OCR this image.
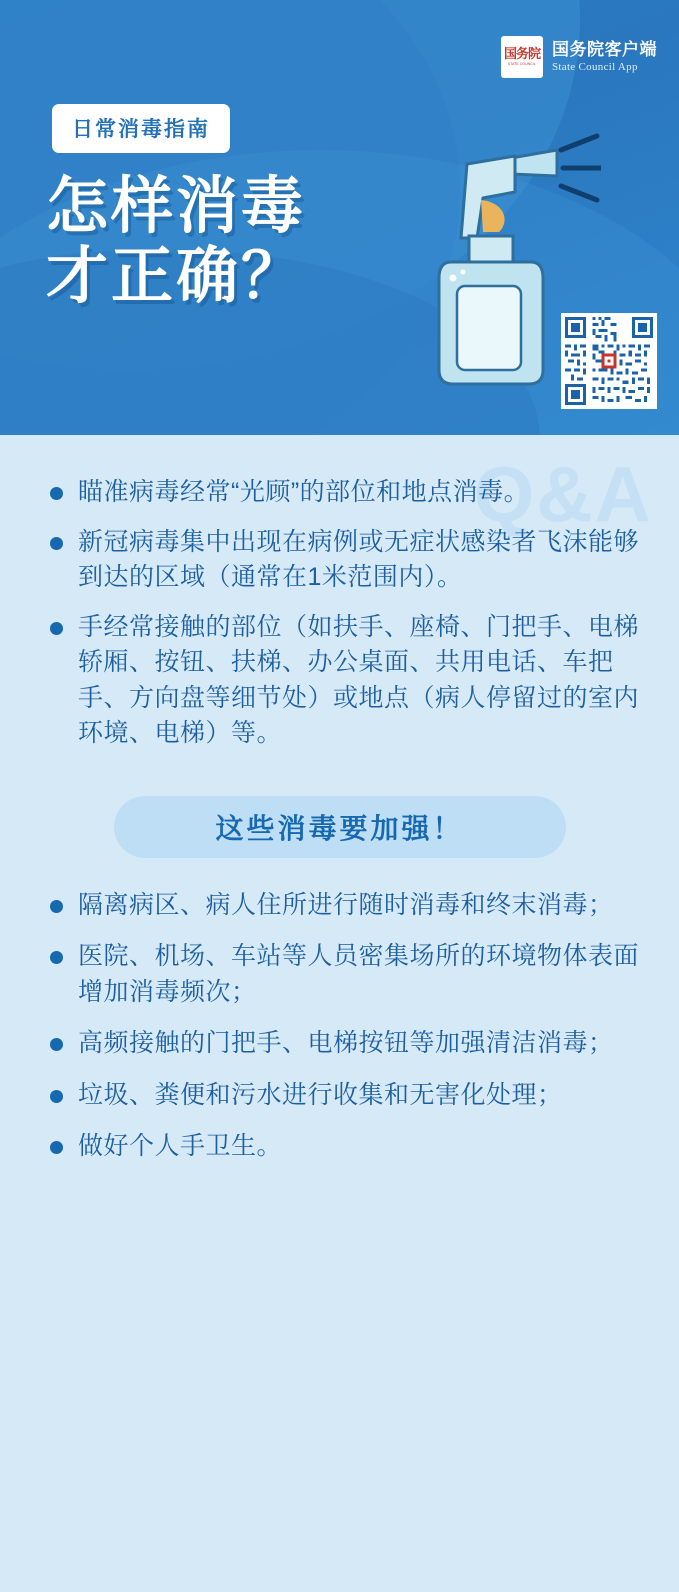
国务院
STATE COUNCIL
国务院客户端
State Council App
日常消毒指南
怎样消毒
才正确？
Q&A
瞄准病毒经常“光顾”的部位和地点消毒。
新冠病毒集中出现在病例或无症状感染者飞沫能够到达的区域（通常在1米范围内）。
手经常接触的部位（如扶手、座椅、门把手、电梯轿厢、按钮、扶梯、办公桌面、共用电话、车把手、方向盘等细节处）或地点（病人停留过的室内环境、电梯）等。
这些消毒要加强！
隔离病区、病人住所进行随时消毒和终末消毒；
医院、机场、车站等人员密集场所的环境物体表面增加消毒频次；
高频接触的门把手、电梯按钮等加强清洁消毒；
垃圾、粪便和污水进行收集和无害化处理；
做好个人手卫生。
